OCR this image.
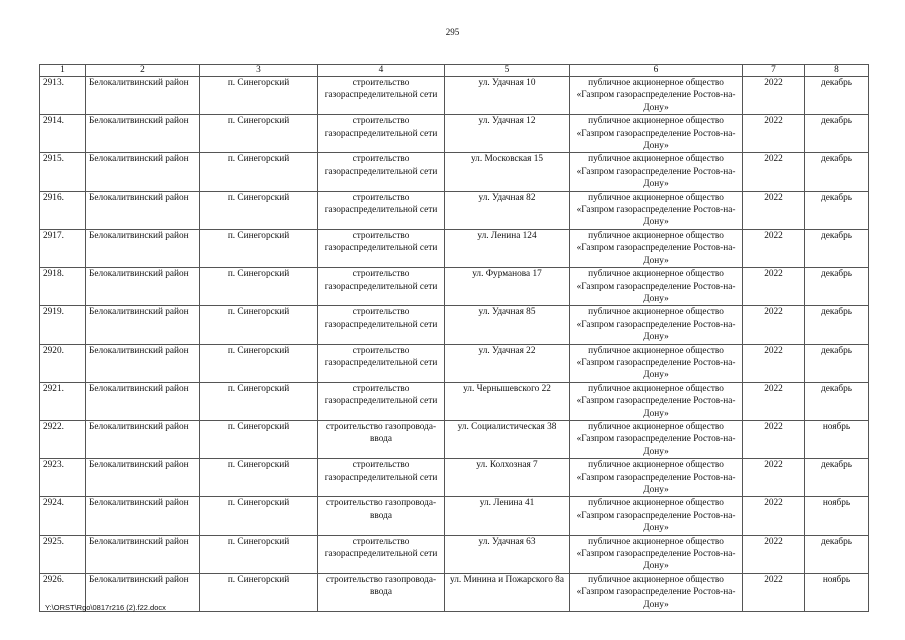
295
1	2	3	4	5	6	7	8
2913.	Белокалитвинский район	п. Синегорский	строительство газораспределительной сети	ул. Удачная 10	публичное акционерное общество «Газпром газораспределение Ростов-на-Дону»	2022	декабрь
2914.	Белокалитвинский район	п. Синегорский	строительство газораспределительной сети	ул. Удачная 12	публичное акционерное общество «Газпром газораспределение Ростов-на-Дону»	2022	декабрь
2915.	Белокалитвинский район	п. Синегорский	строительство газораспределительной сети	ул. Московская 15	публичное акционерное общество «Газпром газораспределение Ростов-на-Дону»	2022	декабрь
2916.	Белокалитвинский район	п. Синегорский	строительство газораспределительной сети	ул. Удачная 82	публичное акционерное общество «Газпром газораспределение Ростов-на-Дону»	2022	декабрь
2917.	Белокалитвинский район	п. Синегорский	строительство газораспределительной сети	ул. Ленина 124	публичное акционерное общество «Газпром газораспределение Ростов-на-Дону»	2022	декабрь
2918.	Белокалитвинский район	п. Синегорский	строительство газораспределительной сети	ул. Фурманова 17	публичное акционерное общество «Газпром газораспределение Ростов-на-Дону»	2022	декабрь
2919.	Белокалитвинский район	п. Синегорский	строительство газораспределительной сети	ул. Удачная 85	публичное акционерное общество «Газпром газораспределение Ростов-на-Дону»	2022	декабрь
2920.	Белокалитвинский район	п. Синегорский	строительство газораспределительной сети	ул. Удачная 22	публичное акционерное общество «Газпром газораспределение Ростов-на-Дону»	2022	декабрь
2921.	Белокалитвинский район	п. Синегорский	строительство газораспределительной сети	ул. Чернышевского 22	публичное акционерное общество «Газпром газораспределение Ростов-на-Дону»	2022	декабрь
2922.	Белокалитвинский район	п. Синегорский	строительство газопровода-ввода	ул. Социалистическая 38	публичное акционерное общество «Газпром газораспределение Ростов-на-Дону»	2022	ноябрь
2923.	Белокалитвинский район	п. Синегорский	строительство газораспределительной сети	ул. Колхозная 7	публичное акционерное общество «Газпром газораспределение Ростов-на-Дону»	2022	декабрь
2924.	Белокалитвинский район	п. Синегорский	строительство газопровода-ввода	ул. Ленина 41	публичное акционерное общество «Газпром газораспределение Ростов-на-Дону»	2022	ноябрь
2925.	Белокалитвинский район	п. Синегорский	строительство газораспределительной сети	ул. Удачная 63	публичное акционерное общество «Газпром газораспределение Ростов-на-Дону»	2022	декабрь
2926.	Белокалитвинский район	п. Синегорский	строительство газопровода-ввода	ул. Минина и Пожарского 8а	публичное акционерное общество «Газпром газораспределение Ростов-на-Дону»	2022	ноябрь
Y:\ORST\Rgo\0817r216 (2).f22.docx
